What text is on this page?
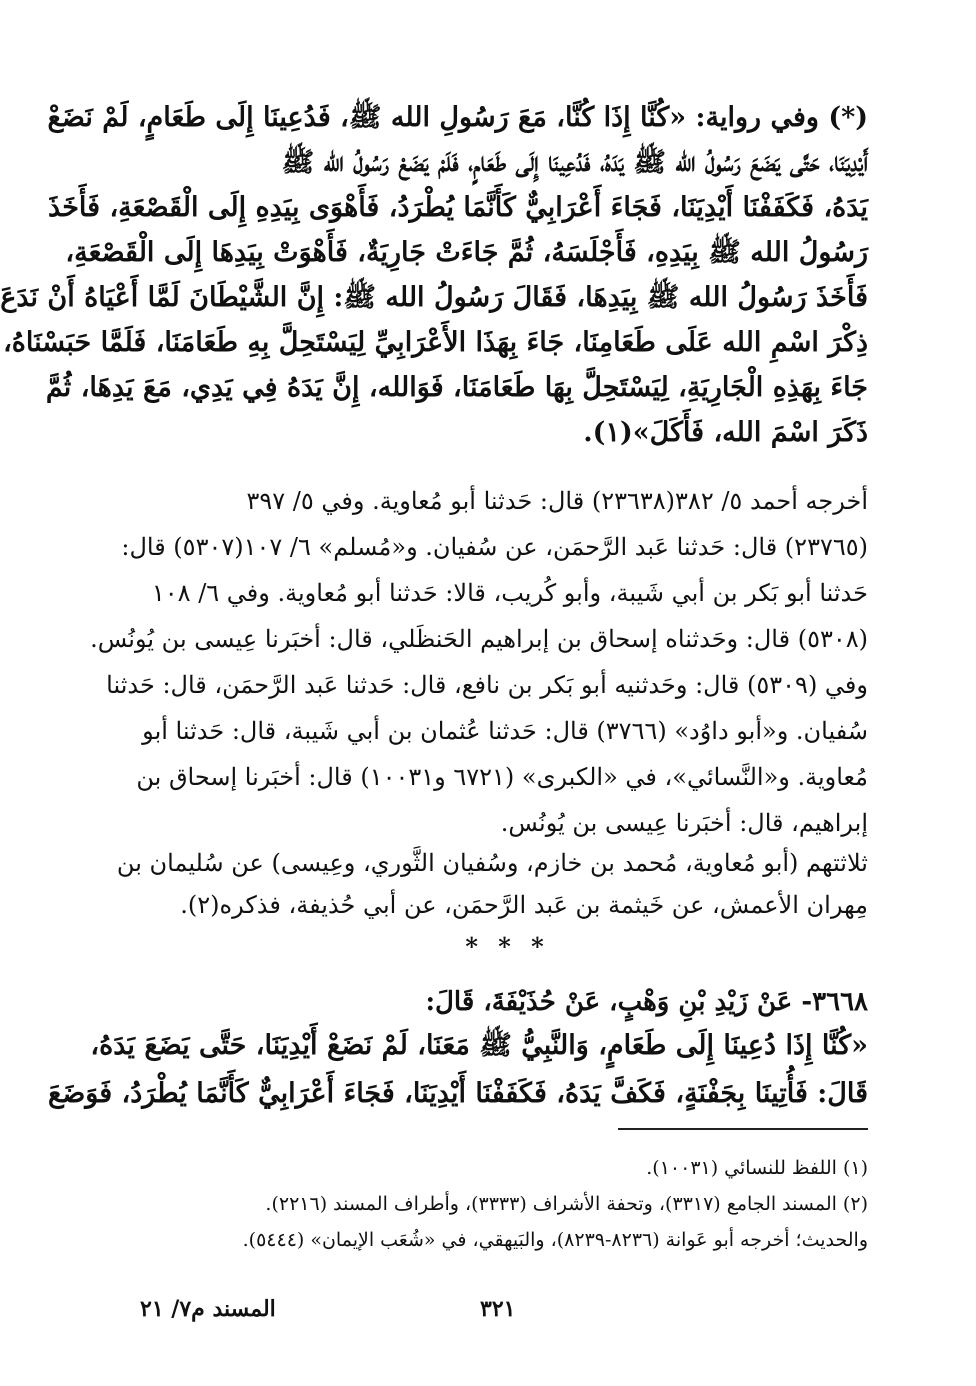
(*) وفي رواية: «كُنَّا إِذَا كُنَّا، مَعَ رَسُولِ الله ﷺ، فَدُعِينَا إِلَى طَعَامٍ، لَمْ نَضَعْ

أَيْدِيَنَا، حَتَّى يَضَعَ رَسُولُ الله ﷺ يَدَهُ، فَدُعِينَا إِلَى طَعَامٍ، فَلَمْ يَضَعْ رَسُولُ الله ﷺ

يَدَهُ، فَكَفَفْنَا أَيْدِيَنَا، فَجَاءَ أَعْرَابِيٌّ كَأَنَّمَا يُطْرَدُ، فَأَهْوَى بِيَدِهِ إِلَى الْقَصْعَةِ، فَأَخَذَ

رَسُولُ الله ﷺ بِيَدِهِ، فَأَجْلَسَهُ، ثُمَّ جَاءَتْ جَارِيَةٌ، فَأَهْوَتْ بِيَدِهَا إِلَى الْقَصْعَةِ،

فَأَخَذَ رَسُولُ الله ﷺ بِيَدِهَا، فَقَالَ رَسُولُ الله ﷺ: إِنَّ الشَّيْطَانَ لَمَّا أَعْيَاهُ أَنْ نَدَعَ

ذِكْرَ اسْمِ الله عَلَى طَعَامِنَا، جَاءَ بِهَذَا الأَعْرَابِيِّ لِيَسْتَحِلَّ بِهِ طَعَامَنَا، فَلَمَّا حَبَسْنَاهُ،

جَاءَ بِهَذِهِ الْجَارِيَةِ، لِيَسْتَحِلَّ بِهَا طَعَامَنَا، فَوَالله، إِنَّ يَدَهُ فِي يَدِي، مَعَ يَدِهَا، ثُمَّ

ذَكَرَ اسْمَ الله، فَأَكَلَ»(١).

أخرجه أحمد ٥/ ٣٨٢(٢٣٦٣٨) قال: حَدثنا أبو مُعاوية. وفي ٥/ ٣٩٧

(٢٣٧٦٥) قال: حَدثنا عَبد الرَّحمَن، عن سُفيان. و«مُسلم» ٦/ ١٠٧(٥٣٠٧) قال:

حَدثنا أبو بَكر بن أبي شَيبة، وأبو كُريب، قالا: حَدثنا أبو مُعاوية. وفي ٦/ ١٠٨

(٥٣٠٨) قال: وحَدثناه إسحاق بن إبراهيم الحَنظَلي، قال: أخبَرنا عِيسى بن يُونُس.

وفي (٥٣٠٩) قال: وحَدثنيه أبو بَكر بن نافع، قال: حَدثنا عَبد الرَّحمَن، قال: حَدثنا

سُفيان. و«أبو داوُد» (٣٧٦٦) قال: حَدثنا عُثمان بن أبي شَيبة، قال: حَدثنا أبو

مُعاوية. و«النَّسائي»، في «الكبرى» (٦٧٢١ و١٠٠٣١) قال: أخبَرنا إسحاق بن

إبراهيم، قال: أخبَرنا عِيسى بن يُونُس.

ثلاثتهم (أبو مُعاوية، مُحمد بن خازم، وسُفيان الثَّوري، وعِيسى) عن سُليمان بن

مِهران الأعمش، عن خَيثمة بن عَبد الرَّحمَن، عن أبي حُذيفة، فذكره(٢).

* * *

٣٦٦٨- عَنْ زَيْدِ بْنِ وَهْبٍ، عَنْ حُذَيْفَةَ، قَالَ:

«كُنَّا إِذَا دُعِينَا إِلَى طَعَامٍ، وَالنَّبِيُّ ﷺ مَعَنَا، لَمْ نَضَعْ أَيْدِيَنَا، حَتَّى يَضَعَ يَدَهُ،

قَالَ: فَأُتِينَا بِجَفْنَةٍ، فَكَفَّ يَدَهُ، فَكَفَفْنَا أَيْدِيَنَا، فَجَاءَ أَعْرَابِيٌّ كَأَنَّمَا يُطْرَدُ، فَوَضَعَ

(١) اللفظ للنسائي (١٠٠٣١).

(٢) المسند الجامع (٣٣١٧)، وتحفة الأشراف (٣٣٣٣)، وأطراف المسند (٢٢١٦).

والحديث؛ أخرجه أبو عَوانة (٨٢٣٦-٨٢٣٩)، والبَيهقي، في «شُعَب الإيمان» (٥٤٤٤).

المسند م٧/ ٢١	٣٢١
